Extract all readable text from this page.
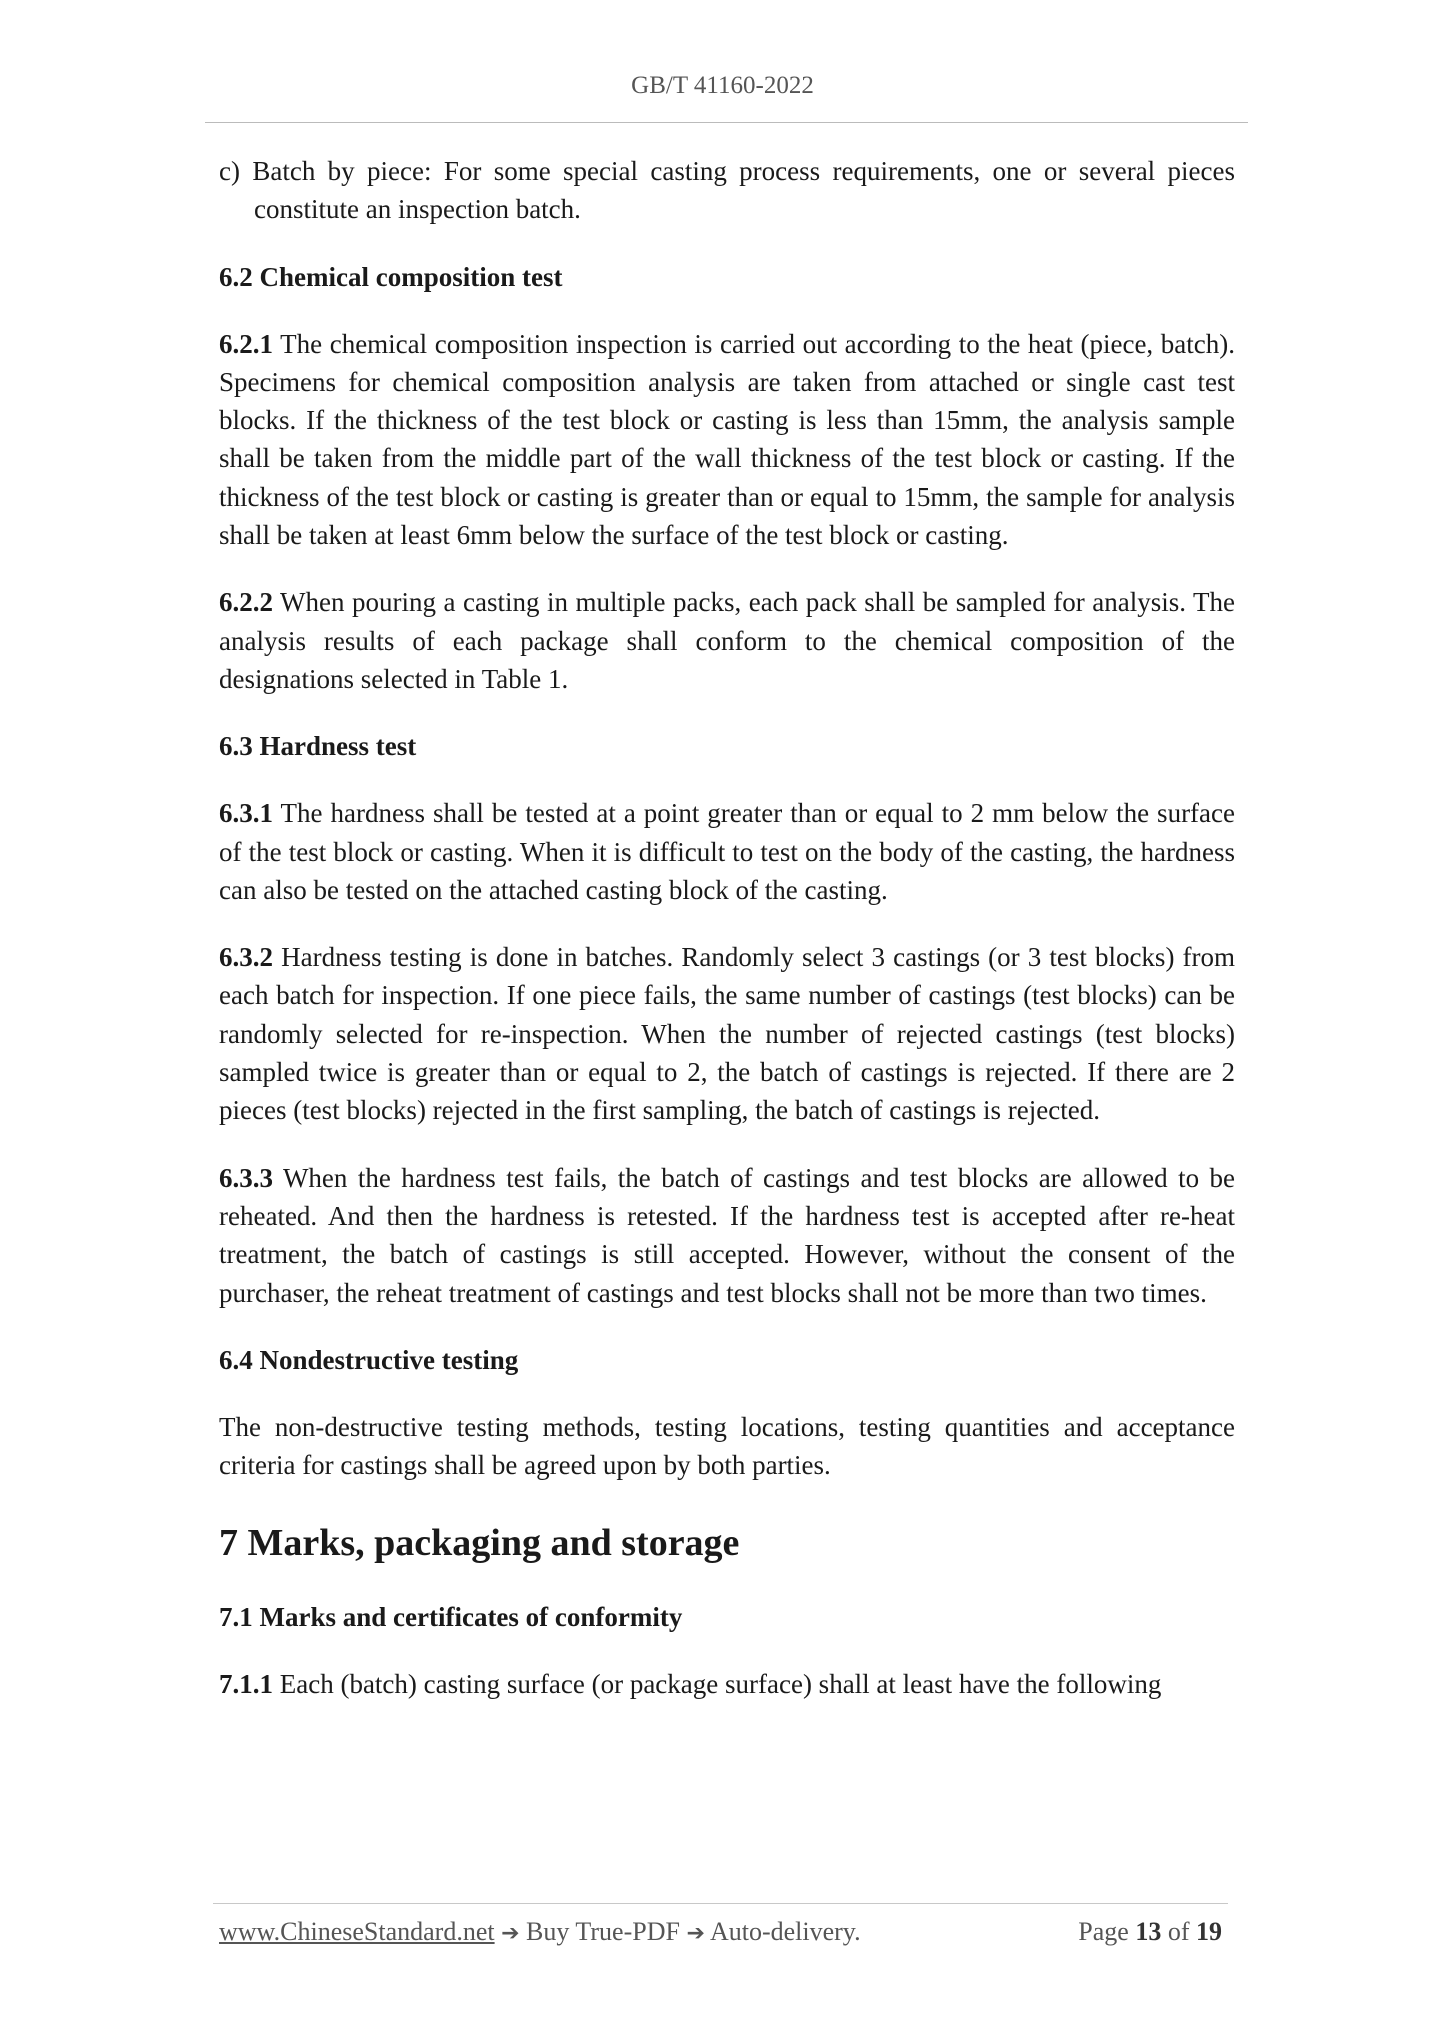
GB/T 41160-2022

c) Batch by piece: For some special casting process requirements, one or several pieces constitute an inspection batch.

6.2 Chemical composition test

6.2.1 The chemical composition inspection is carried out according to the heat (piece, batch). Specimens for chemical composition analysis are taken from attached or single cast test blocks. If the thickness of the test block or casting is less than 15mm, the analysis sample shall be taken from the middle part of the wall thickness of the test block or casting. If the thickness of the test block or casting is greater than or equal to 15mm, the sample for analysis shall be taken at least 6mm below the surface of the test block or casting.

6.2.2 When pouring a casting in multiple packs, each pack shall be sampled for analysis. The analysis results of each package shall conform to the chemical composition of the designations selected in Table 1.

6.3 Hardness test

6.3.1 The hardness shall be tested at a point greater than or equal to 2 mm below the surface of the test block or casting. When it is difficult to test on the body of the casting, the hardness can also be tested on the attached casting block of the casting.

6.3.2 Hardness testing is done in batches. Randomly select 3 castings (or 3 test blocks) from each batch for inspection. If one piece fails, the same number of castings (test blocks) can be randomly selected for re-inspection. When the number of rejected castings (test blocks) sampled twice is greater than or equal to 2, the batch of castings is rejected. If there are 2 pieces (test blocks) rejected in the first sampling, the batch of castings is rejected.

6.3.3 When the hardness test fails, the batch of castings and test blocks are allowed to be reheated. And then the hardness is retested. If the hardness test is accepted after re-heat treatment, the batch of castings is still accepted. However, without the consent of the purchaser, the reheat treatment of castings and test blocks shall not be more than two times.

6.4 Nondestructive testing

The non-destructive testing methods, testing locations, testing quantities and acceptance criteria for castings shall be agreed upon by both parties.

7 Marks, packaging and storage
7.1 Marks and certificates of conformity

7.1.1 Each (batch) casting surface (or package surface) shall at least have the following

www.ChineseStandard.net ➔ Buy True-PDF ➔ Auto-delivery.	Page 13 of 19
